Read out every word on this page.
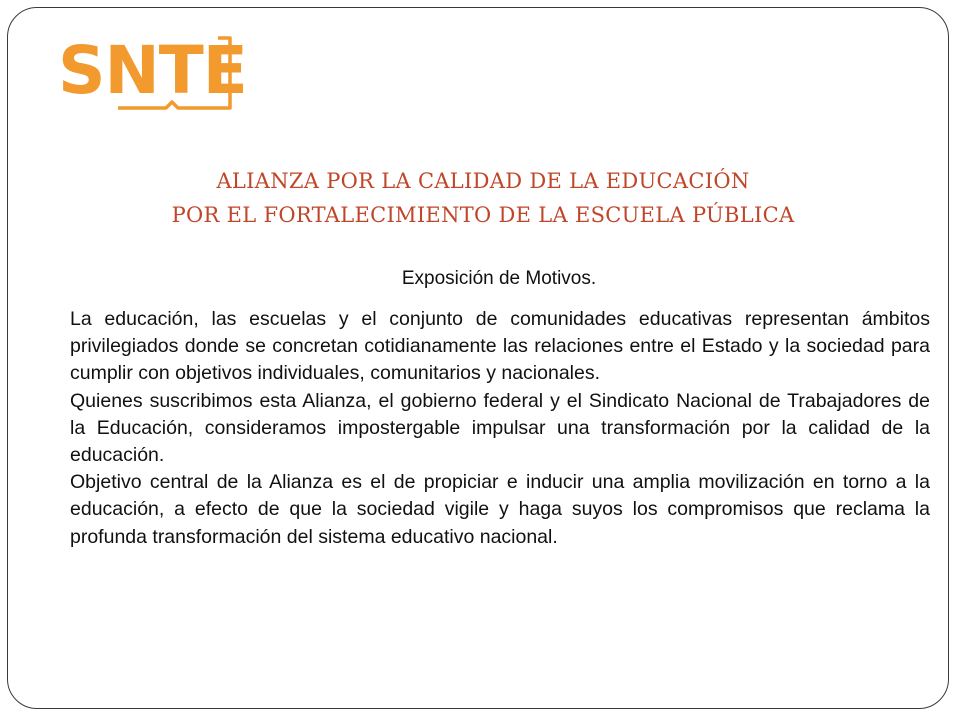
SNTE
ALIANZA POR LA CALIDAD DE LA EDUCACIÓN
POR EL FORTALECIMIENTO DE LA ESCUELA PÚBLICA
Exposición de Motivos.

La educación, las escuelas y el conjunto de comunidades educativas representan ámbitos privilegiados donde se concretan cotidianamente las relaciones entre el Estado y la sociedad para cumplir con objetivos individuales, comunitarios y nacionales.

Quienes suscribimos esta Alianza, el gobierno federal y el Sindicato Nacional de Trabajadores de la Educación, consideramos impostergable impulsar una transformación por la calidad de la educación.

Objetivo central de la Alianza es el de propiciar e inducir una amplia movilización en torno a la educación, a efecto de que la sociedad vigile y haga suyos los compromisos que reclama la profunda transformación del sistema educativo nacional.
